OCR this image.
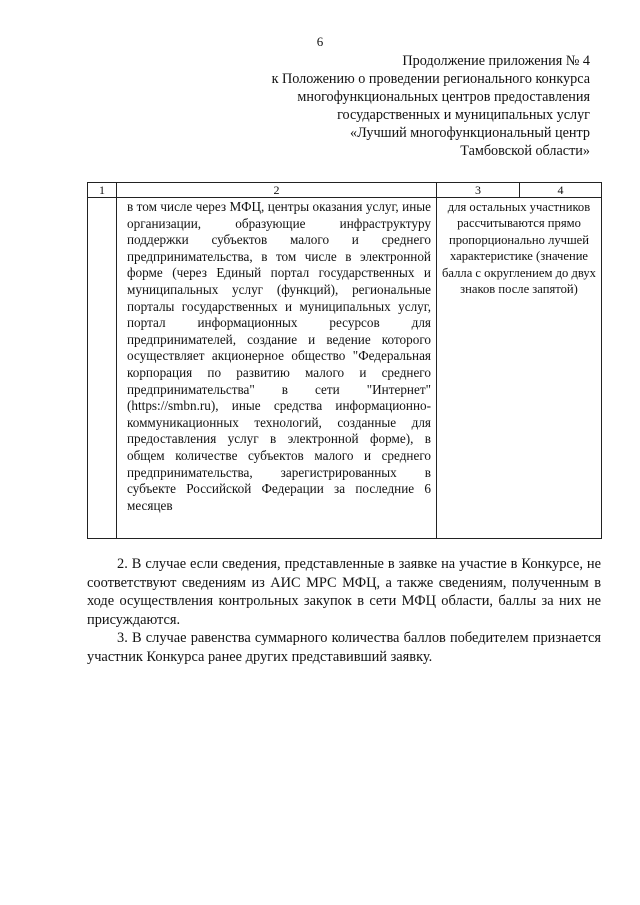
6
Продолжение приложения № 4
к Положению о проведении регионального конкурса
многофункциональных центров предоставления
государственных и муниципальных услуг
«Лучший многофункциональный центр
Тамбовской области»
1	2	3	4

	в том числе через МФЦ, центры оказания услуг, иные организации, образующие инфраструктуру поддержки субъектов малого и среднего предпринимательства, в том числе в электронной форме (через Единый портал государственных и муниципальных услуг (функций), региональные порталы государственных и муниципальных услуг, портал информационных ресурсов для предпринимателей, создание и ведение которого осуществляет акционерное общество "Федеральная корпорация по развитию малого и среднего предпринимательства" в сети "Интернет" (https://smbn.ru), иные средства информационно-коммуникационных технологий, созданные для предоставления услуг в электронной форме), в общем количестве субъектов малого и среднего предпринимательства, зарегистрированных в субъекте Российской Федерации за последние 6 месяцев	для остальных участников рассчитываются прямо пропорционально лучшей характеристике (значение балла с округлением до двух знаков после запятой)	

2. В случае если сведения, представленные в заявке на участие в Конкурсе, не соответствуют сведениям из АИС МРС МФЦ, а также сведениям, полученным в ходе осуществления контрольных закупок в сети МФЦ области, баллы за них не присуждаются.

3. В случае равенства суммарного количества баллов победителем признается участник Конкурса ранее других представивший заявку.
